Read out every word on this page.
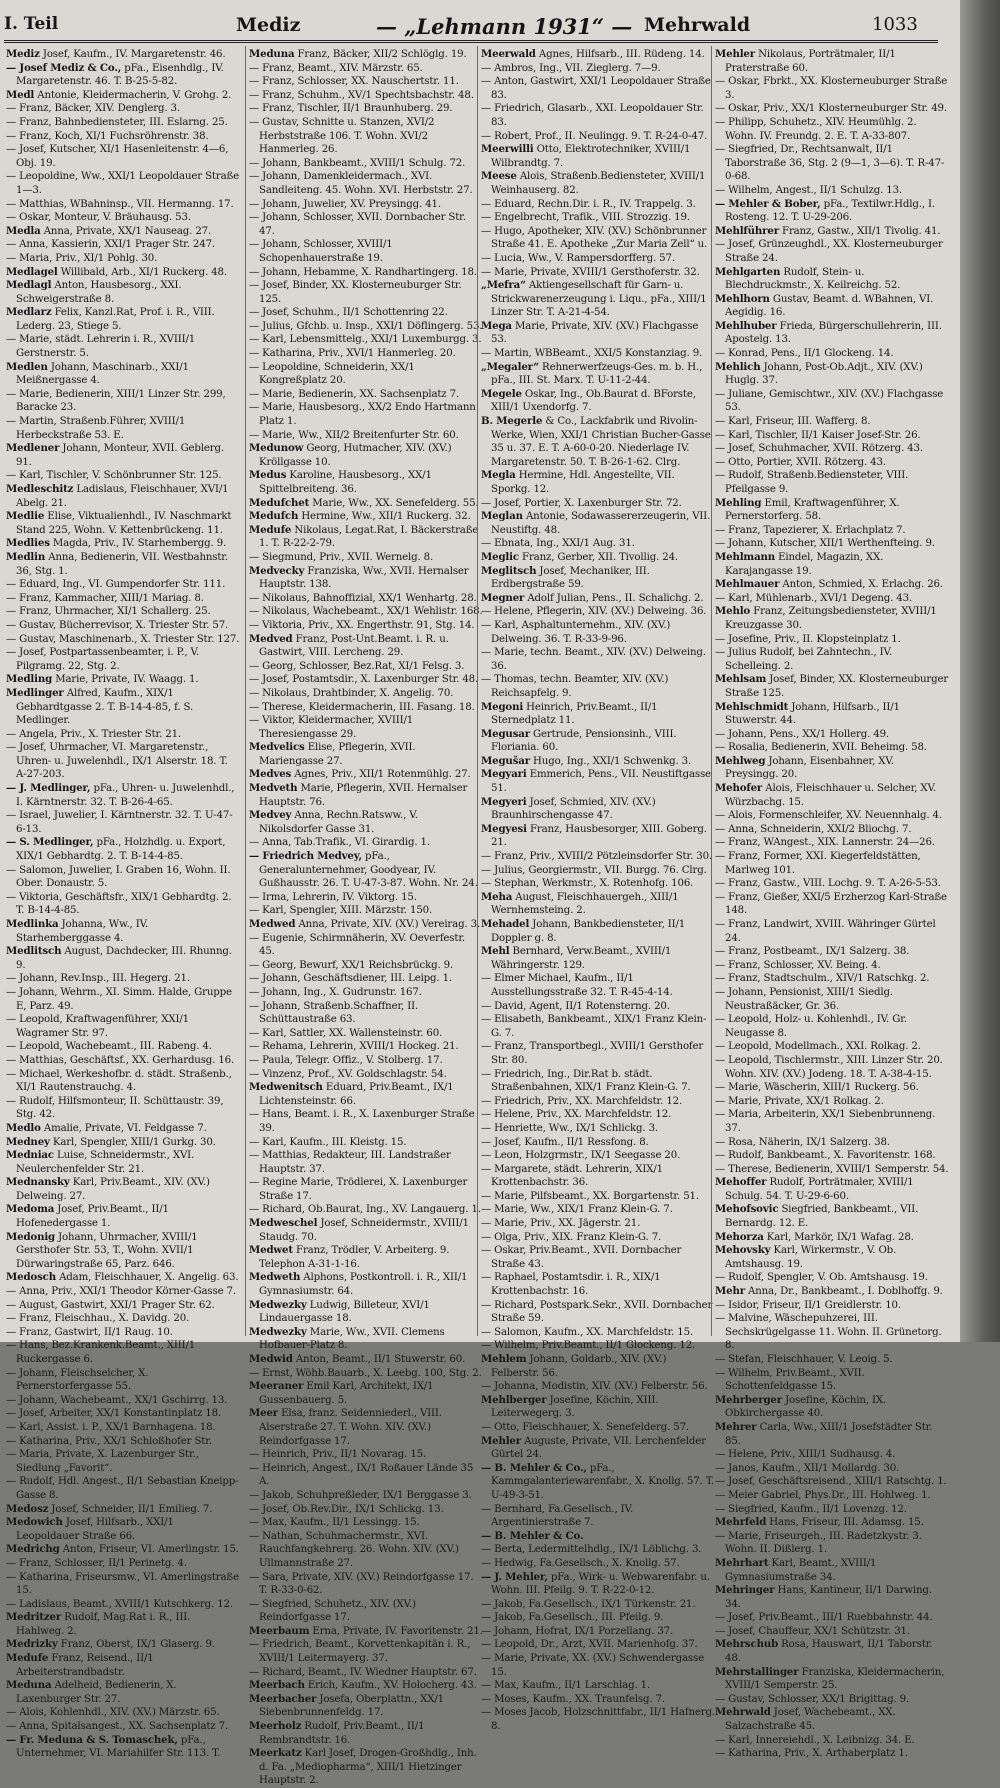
I. Teil	Mediz	— „Lehmann 1931“ — Mehrwald	1033

Mediz Josef, Kaufm., IV. Margaretenstr. 46.

— Josef Mediz & Co., pFa., Eisenhdlg., IV. Margaretenstr. 46. T. B-25-5-82.

Medl Antonie, Kleidermacherin, V. Grohg. 2.

— Franz, Bäcker, XIV. Denglerg. 3.

— Franz, Bahnbediensteter, III. Eslarng. 25.

— Franz, Koch, XI/1 Fuchsröhrenstr. 38.

— Josef, Kutscher, XI/1 Hasenleitenstr. 4—6, Obj. 19.

— Leopoldine, Ww., XXI/1 Leopoldauer Straße 1—3.

— Matthias, WBahninsp., VII. Hermanng. 17.

— Oskar, Monteur, V. Bräuhausg. 53.

Medla Anna, Private, XX/1 Nauseag. 27.

— Anna, Kassierin, XXI/1 Prager Str. 247.

— Maria, Priv., XI/1 Pohlg. 30.

Medlagel Willibald, Arb., XI/1 Ruckerg. 48.

Medlagl Anton, Hausbesorg., XXI. Schweigerstraße 8.

Medlarz Felix, Kanzl.Rat, Prof. i. R., VIII. Lederg. 23, Stiege 5.

— Marie, städt. Lehrerin i. R., XVIII/1 Gerstnerstr. 5.

Medlen Johann, Maschinarb., XXI/1 Meißnergasse 4.

— Marie, Bedienerin, XIII/1 Linzer Str. 299, Baracke 23.

— Martin, Straßenb.Führer, XVIII/1 Herbeckstraße 53. E.

Medlener Johann, Monteur, XVII. Geblerg. 91.

— Karl, Tischler, V. Schönbrunner Str. 125.

Medleschitz Ladislaus, Fleischhauer, XVI/1 Abelg. 21.

Medlie Elise, Viktualienhdl., IV. Naschmarkt Stand 225, Wohn. V. Kettenbrückeng. 11.

Medlies Magda, Priv., IV. Starhembergg. 9.

Medlin Anna, Bedienerin, VII. Westbahnstr. 36, Stg. 1.

— Eduard, Ing., VI. Gumpendorfer Str. 111.

— Franz, Kammacher, XIII/1 Mariag. 8.

— Franz, Uhrmacher, XI/1 Schallerg. 25.

— Gustav, Bücherrevisor, X. Triester Str. 57.

— Gustav, Maschinenarb., X. Triester Str. 127.

— Josef, Postpartassenbeamter, i. P., V. Pilgramg. 22, Stg. 2.

Medling Marie, Private, IV. Waagg. 1.

Medlinger Alfred, Kaufm., XIX/1 Gebhardtgasse 2. T. B-14-4-85, f. S. Medlinger.

— Angela, Priv., X. Triester Str. 21.

— Josef, Uhrmacher, VI. Margaretenstr., Uhren- u. Juwelenhdl., IX/1 Alserstr. 18. T. A-27-203.

— J. Medlinger, pFa., Uhren- u. Juwelenhdl., I. Kärntnerstr. 32. T. B-26-4-65.

— Israel, Juwelier, I. Kärntnerstr. 32. T. U-47-6-13.

— S. Medlinger, pFa., Holzhdlg. u. Export, XIX/1 Gebhardtg. 2. T. B-14-4-85.

— Salomon, Juwelier, I. Graben 16, Wohn. II. Ober. Donaustr. 5.

— Viktoria, Geschäftsfr., XIX/1 Gebhardtg. 2. T. B-14-4-85.

Medlinka Johanna, Ww., IV. Starhemberggasse 4.

Medlitsch August, Dachdecker, III. Rhunng. 9.

— Johann, Rev.Insp., III. Hegerg. 21.

— Johann, Wehrm., XI. Simm. Halde, Gruppe E, Parz. 49.

— Leopold, Kraftwagenführer, XXI/1 Wagramer Str. 97.

— Leopold, Wachebeamt., III. Rabeng. 4.

— Matthias, Geschäftsf., XX. Gerhardusg. 16.

— Michael, Werkeshofbr. d. städt. Straßenb., XI/1 Rautenstrauchg. 4.

— Rudolf, Hilfsmonteur, II. Schüttaustr. 39, Stg. 42.

Medlo Amalie, Private, VI. Feldgasse 7.

Medney Karl, Spengler, XIII/1 Gurkg. 30.

Medniac Luise, Schneidermstr., XVI. Neulerchenfelder Str. 21.

Mednansky Karl, Priv.Beamt., XIV. (XV.) Delweing. 27.

Medoma Josef, Priv.Beamt., II/1 Hofenedergasse 1.

Medonig Johann, Uhrmacher, XVIII/1 Gersthofer Str. 53, T., Wohn. XVII/1 Dürwaringstraße 65, Parz. 646.

Medosch Adam, Fleischhauer, X. Angelig. 63.

— Anna, Priv., XXI/1 Theodor Körner-Gasse 7.

— August, Gastwirt, XXI/1 Prager Str. 62.

— Franz, Fleischhau., X. Davidg. 20.

— Franz, Gastwirt, II/1 Raug. 10.

— Hans, Bez.Krankenk.Beamt., XIII/1 Ruckergasse 6.

— Johann, Fleischselcher, X. Pernerstorfergasse 55.

— Johann, Wachebeamt., XX/1 Gschirrg. 13.

— Josef, Arbeiter, XX/1 Konstantinplatz 18.

— Karl, Assist. i. P., XX/1 Barnhagena. 18.

— Katharina, Priv., XX/1 Schloßhofer Str.

— Maria, Private, X. Lazenburger Str., Siedlung „Favorit“.

— Rudolf, Hdl. Angest., II/1 Sebastian Kneipp-Gasse 8.

Medosz Josef, Schneider, II/1 Emilieg. 7.

Medowich Josef, Hilfsarb., XXI/1 Leopoldauer Straße 66.

Medrichg Anton, Friseur, VI. Amerlingstr. 15.

— Franz, Schlosser, II/1 Perinetg. 4.

— Katharina, Friseursmw., VI. Amerlingstraße 15.

— Ladislaus, Beamt., XVIII/1 Kutschkerg. 12.

Medritzer Rudolf, Mag.Rat i. R., III. Hahlweg. 2.

Medrizky Franz, Oberst, IX/1 Glaserg. 9.

Medufe Franz, Reisend., II/1 Arbeiterstrandbadstr.

Meduna Adelheid, Bedienerin, X. Laxenburger Str. 27.

— Alois, Kohlenhdl., XIV. (XV.) Märzstr. 65.

— Anna, Spitalsangest., XX. Sachsenplatz 7.

— Fr. Meduna & S. Tomaschek, pFa., Unternehmer, VI. Mariahilfer Str. 113. T.

Meduna Franz, Bäcker, XII/2 Schlöglg. 19.

— Franz, Beamt., XIV. Märzstr. 65.

— Franz, Schlosser, XX. Nauschertstr. 11.

— Franz, Schuhm., XV/1 Spechtsbachstr. 48.

— Franz, Tischler, II/1 Braunhuberg. 29.

— Gustav, Schnitte u. Stanzen, XVI/2 Herbststraße 106. T. Wohn. XVI/2 Hanmerleg. 26.

— Johann, Bankbeamt., XVIII/1 Schulg. 72.

— Johann, Damenkleidermach., XVI. Sandleiteng. 45. Wohn. XVI. Herbststr. 27.

— Johann, Juwelier, XV. Preysingg. 41.

— Johann, Schlosser, XVII. Dornbacher Str. 47.

— Johann, Schlosser, XVIII/1 Schopenhauerstraße 19.

— Johann, Hebamme, X. Randhartingerg. 18.

— Josef, Binder, XX. Klosterneuburger Str. 125.

— Josef, Schuhm., II/1 Schottenring 22.

— Julius, Gfchb. u. Insp., XXI/1 Döflingerg. 53.

— Karl, Lebensmittelg., XXI/1 Luxemburgg. 3.

— Katharina, Priv., XVI/1 Hanmerleg. 20.

— Leopoldine, Schneiderin, XX/1 Kongreßplatz 20.

— Marie, Bedienerin, XX. Sachsenplatz 7.

— Marie, Hausbesorg., XX/2 Endo Hartmann Platz 1.

— Marie, Ww., XII/2 Breitenfurter Str. 60.

Medunow Georg, Hutmacher, XIV. (XV.) Kröllgasse 10.

Medus Karoline, Hausbesorg., XX/1 Spittelbreiteng. 36.

Medufchet Marie, Ww., XX. Senefelderg. 55.

Medufch Hermine, Ww., XII/1 Ruckerg. 32.

Medufe Nikolaus, Legat.Rat, I. Bäckerstraße 1. T. R-22-2-79.

— Siegmund, Priv., XVII. Wernelg. 8.

Medvecky Franziska, Ww., XVII. Hernalser Hauptstr. 138.

— Nikolaus, Bahnoffizial, XX/1 Wenhartg. 28.

— Nikolaus, Wachebeamt., XX/1 Wehlistr. 168.

— Viktoria, Priv., XX. Engerthstr. 91, Stg. 14.

Medved Franz, Post-Unt.Beamt. i. R. u. Gastwirt, VIII. Lercheng. 29.

— Georg, Schlosser, Bez.Rat, XI/1 Felsg. 3.

— Josef, Postamtsdir., X. Laxenburger Str. 48.

— Nikolaus, Drahtbinder, X. Angelig. 70.

— Therese, Kleidermacherin, III. Fasang. 18.

— Viktor, Kleidermacher, XVIII/1 Theresiengasse 29.

Medvelics Elise, Pflegerin, XVII. Mariengasse 27.

Medves Agnes, Priv., XII/1 Rotenmühlg. 27.

Medveth Marie, Pflegerin, XVII. Hernalser Hauptstr. 76.

Medvey Anna, Rechn.Ratsww., V. Nikolsdorfer Gasse 31.

— Anna, Tab.Trafik., VI. Girardig. 1.

— Friedrich Medvey, pFa., Generalunternehmer, Goodyear, IV. Gußhausstr. 26. T. U-47-3-87. Wohn. Nr. 24.

— Irma, Lehrerin, IV. Viktorg. 15.

— Karl, Spengler, XIII. Märzstr. 150.

Medwed Anna, Private, XIV. (XV.) Vereirag. 3.

— Eugenie, Schirmnäherin, XV. Oeverfestr. 45.

— Georg, Bewurf, XX/1 Reichsbrückg. 9.

— Johann, Geschäftsdiener, III. Leipg. 1.

— Johann, Ing., X. Gudrunstr. 167.

— Johann, Straßenb.Schaffner, II. Schüttaustraße 63.

— Karl, Sattler, XX. Wallensteinstr. 60.

— Rehama, Lehrerin, XVIII/1 Hockeg. 21.

— Paula, Telegr. Offiz., V. Stolberg. 17.

— Vinzenz, Prof., XV. Goldschlagstr. 54.

Medwenitsch Eduard, Priv.Beamt., IX/1 Lichtensteinstr. 66.

— Hans, Beamt. i. R., X. Laxenburger Straße 39.

— Karl, Kaufm., III. Kleistg. 15.

— Matthias, Redakteur, III. Landstraßer Hauptstr. 37.

— Regine Marie, Trödlerei, X. Laxenburger Straße 17.

— Richard, Ob.Baurat, Ing., XV. Langauerg. 1.

Medweschel Josef, Schneidermstr., XVIII/1 Staudg. 70.

Medwet Franz, Trödler, V. Arbeiterg. 9. Telephon A-31-1-16.

Medweth Alphons, Postkontroll. i. R., XII/1 Gymnasiumstr. 64.

Medwezky Ludwig, Billeteur, XVI/1 Lindauergasse 18.

Medwezky Marie, Ww., XVII. Clemens Hofbauer-Platz 8.

Medwid Anton, Beamt., II/1 Stuwerstr. 60.

— Ernst, Wöhb.Bauarb., X. Leebg. 100, Stg. 2.

Meeraner Emil Karl, Architekt, IX/1 Gussenbauerg. 5.

Meer Elsa, franz. Seidenniederl., VIII. Alserstraße 27. T. Wohn. XIV. (XV.) Reindorfgasse 17.

— Heinrich, Priv., II/1 Novarag. 15.

— Heinrich, Angest., IX/1 Roßauer Lände 35 A.

— Jakob, Schuhpreßleder, IX/1 Berggasse 3.

— Josef, Ob.Rev.Dir., IX/1 Schlickg. 13.

— Max, Kaufm., II/1 Lessingg. 15.

— Nathan, Schuhmachermstr., XVI. Rauchfangkehrerg. 26. Wohn. XIV. (XV.) Ullmannstraße 27.

— Sara, Private, XIV. (XV.) Reindorfgasse 17. T. R-33-0-62.

— Siegfried, Schuhetz., XIV. (XV.) Reindorfgasse 17.

Meerbaum Erna, Private, IV. Favoritenstr. 21.

— Friedrich, Beamt., Korvettenkapitän i. R., XVIII/1 Leitermayerg. 37.

— Richard, Beamt., IV. Wiedner Hauptstr. 67.

Meerbach Erich, Kaufm., XV. Holocherg. 43.

Meerbacher Josefa, Oberplattn., XX/1 Siebenbrunnenfeldg. 17.

Meerholz Rudolf, Priv.Beamt., II/1 Rembrandtstr. 16.

Meerkatz Karl Josef, Drogen-Großhdlg., Inh. d. Fa. „Mediopharma“, XIII/1 Hietzinger Hauptstr. 2.

Meerwald Agnes, Hilfsarb., III. Rüdeng. 14.

— Ambros, Ing., VII. Zieglerg. 7—9.

— Anton, Gastwirt, XXI/1 Leopoldauer Straße 83.

— Friedrich, Glasarb., XXI. Leopoldauer Str. 83.

— Robert, Prof., II. Neulingg. 9. T. R-24-0-47.

Meerwilli Otto, Elektrotechniker, XVIII/1 Wilbrandtg. 7.

Meese Alois, Straßenb.Bediensteter, XVIII/1 Weinhauserg. 82.

— Eduard, Rechn.Dir. i. R., IV. Trappelg. 3.

— Engelbrecht, Trafik., VIII. Strozzig. 19.

— Hugo, Apotheker, XIV. (XV.) Schönbrunner Straße 41. E. Apotheke „Zur Maria Zell“ u.

— Lucia, Ww., V. Rampersdorfferg. 57.

— Marie, Private, XVIII/1 Gersthoferstr. 32.

„Mefra“ Aktiengesellschaft für Garn- u. Strickwarenerzeugung i. Liqu., pFa., XIII/1 Linzer Str. T. A-21-4-54.

Mega Marie, Private, XIV. (XV.) Flachgasse 53.

— Martin, WBBeamt., XXI/5 Konstanziag. 9.

„Megaler“ Rehnerwerfzeugs-Ges. m. b. H., pFa., III. St. Marx. T. U-11-2-44.

Megele Oskar, Ing., Ob.Baurat d. BForste, XIII/1 Uxendorfg. 7.

B. Megerle & Co., Lackfabrik und Rivolin-Werke, Wien, XXI/1 Christian Bucher-Gasse 35 u. 37. E. T. A-60-0-20. Niederlage IV. Margaretenstr. 50. T. B-26-1-62. Clrg.

Megla Hermine, Hdl. Angestellte, VII. Sporkg. 12.

— Josef, Portier, X. Laxenburger Str. 72.

Meglan Antonie, Sodawassererzeugerin, VII. Neustiftg. 48.

— Ebnata, Ing., XXI/1 Aug. 31.

Meglic Franz, Gerber, XII. Tivollig. 24.

Meglitsch Josef, Mechaniker, III. Erdbergstraße 59.

Megner Adolf Julian, Pens., II. Schalichg. 2.

— Helene, Pflegerin, XIV. (XV.) Delweing. 36.

— Karl, Asphaltunternehm., XIV. (XV.) Delweing. 36. T. R-33-9-96.

— Marie, techn. Beamt., XIV. (XV.) Delweing. 36.

— Thomas, techn. Beamter, XIV. (XV.) Reichsapfelg. 9.

Megoni Heinrich, Priv.Beamt., II/1 Sternedplatz 11.

Megusar Gertrude, Pensionsinh., VIII. Floriania. 60.

Megušar Hugo, Ing., XXI/1 Schwenkg. 3.

Megyari Emmerich, Pens., VII. Neustiftgasse 51.

Megyeri Josef, Schmied, XIV. (XV.) Braunhirschengasse 47.

Megyesi Franz, Hausbesorger, XIII. Goberg. 21.

— Franz, Priv., XVIII/2 Pötzleinsdorfer Str. 30.

— Julius, Georgiermstr., VII. Burgg. 76. Clrg.

— Stephan, Werkmstr., X. Rotenhofg. 106.

Meha August, Fleischhauergeh., XIII/1 Wernhemsteing. 2.

Mehadel Johann, Bankbediensteter, II/1 Doppler g. 8.

Mehl Bernhard, Verw.Beamt., XVIII/1 Währingerstr. 129.

— Elmer Michael, Kaufm., II/1 Ausstellungsstraße 32. T. R-45-4-14.

— David, Agent, II/1 Rotensterng. 20.

— Elisabeth, Bankbeamt., XIX/1 Franz Klein-G. 7.

— Franz, Transportbegl., XVIII/1 Gersthofer Str. 80.

— Friedrich, Ing., Dir.Rat b. städt. Straßenbahnen, XIX/1 Franz Klein-G. 7.

— Friedrich, Priv., XX. Marchfeldstr. 12.

— Helene, Priv., XX. Marchfeldstr. 12.

— Henriette, Ww., IX/1 Schlickg. 3.

— Josef, Kaufm., II/1 Ressfong. 8.

— Leon, Holzgrmstr., IX/1 Seegasse 20.

— Margarete, städt. Lehrerin, XIX/1 Krottenbachstr. 36.

— Marie, Pilfsbeamt., XX. Borgartenstr. 51.

— Marie, Ww., XIX/1 Franz Klein-G. 7.

— Marie, Priv., XX. Jägerstr. 21.

— Olga, Priv., XIX. Franz Klein-G. 7.

— Oskar, Priv.Beamt., XVII. Dornbacher Straße 43.

— Raphael, Postamtsdir. i. R., XIX/1 Krottenbachstr. 16.

— Richard, Postspark.Sekr., XVII. Dornbacher Straße 59.

— Salomon, Kaufm., XX. Marchfeldstr. 15.

— Wilhelm, Priv.Beamt., II/1 Glockeng. 12.

Mehlem Johann, Goldarb., XIV. (XV.) Felberstr. 56.

— Johanna, Modistin, XIV. (XV.) Felberstr. 56.

Mehlberger Josefine, Köchin, XIII. Leiterwegerg. 3.

— Otto, Fleischhauer, X. Senefelderg. 57.

Mehler Auguste, Private, VII. Lerchenfelder Gürtel 24.

— B. Mehler & Co., pFa., Kammgalanteriewarenfabr., X. Knollg. 57. T. U-49-3-51.

— Bernhard, Fa.Gesellsch., IV. Argentinierstraße 7.

— B. Mehler & Co.

— Berta, Ledermittelhdlg., IX/1 Löblichg. 3.

— Hedwig, Fa.Gesellsch., X. Knollg. 57.

— J. Mehler, pFa., Wirk- u. Webwarenfabr. u. Wohn. III. Pfeilg. 9. T. R-22-0-12.

— Jakob, Fa.Gesellsch., IX/1 Türkenstr. 21.

— Jakob, Fa.Gesellsch., III. Pfeilg. 9.

— Johann, Hofrat, IX/1 Porzellang. 37.

— Leopold, Dr., Arzt, XVII. Marienhofg. 37.

— Marie, Private, XX. (XV.) Schwendergasse 15.

— Max, Kaufm., II/1 Larschlag. 1.

— Moses, Kaufm., XX. Traunfelsg. 7.

— Moses Jacob, Holzschnittfabr., II/1 Hafnerg. 8.

Mehler Nikolaus, Porträtmaler, II/1 Praterstraße 60.

— Oskar, Fbrkt., XX. Klosterneuburger Straße 3.

— Oskar, Priv., XX/1 Klosterneuburger Str. 49.

— Philipp, Schuhetz., XIV. Heumühlg. 2. Wohn. IV. Freundg. 2. E. T. A-33-807.

— Siegfried, Dr., Rechtsanwalt, II/1 Taborstraße 36, Stg. 2 (9—1, 3—6). T. R-47-0-68.

— Wilhelm, Angest., II/1 Schulzg. 13.

— Mehler & Bober, pFa., Textilwr.Hdlg., I. Rosteng. 12. T. U-29-206.

Mehlführer Franz, Gastw., XII/1 Tivolig. 41.

— Josef, Grünzeughdl., XX. Klosterneuburger Straße 24.

Mehlgarten Rudolf, Stein- u. Blechdruckmstr., X. Keilreichg. 52.

Mehlhorn Gustav, Beamt. d. WBahnen, VI. Aegidig. 16.

Mehlhuber Frieda, Bürgerschullehrerin, III. Apostelg. 13.

— Konrad, Pens., II/1 Glockeng. 14.

Mehlich Johann, Post-Ob.Adjt., XIV. (XV.) Huglg. 37.

— Juliane, Gemischtwr., XIV. (XV.) Flachgasse 53.

— Karl, Friseur, III. Wafferg. 8.

— Karl, Tischler, II/1 Kaiser Josef-Str. 26.

— Josef, Schuhmacher, XVII. Rötzerg. 43.

— Otto, Portier, XVII. Rötzerg. 43.

— Rudolf, Straßenb.Bediensteter, VIII. Pfeilgasse 9.

Mehling Emil, Kraftwagenführer, X. Pernerstorferg. 58.

— Franz, Tapezierer, X. Erlachplatz 7.

— Johann, Kutscher, XII/1 Werthenfteing. 9.

Mehlmann Eindel, Magazin, XX. Karajangasse 19.

Mehlmauer Anton, Schmied, X. Erlachg. 26.

— Karl, Mühlenarb., XVI/1 Degeng. 43.

Mehlo Franz, Zeitungsbediensteter, XVIII/1 Kreuzgasse 30.

— Josefine, Priv., II. Klopsteinplatz 1.

— Julius Rudolf, bei Zahntechn., IV. Schelleing. 2.

Mehlsam Josef, Binder, XX. Klosterneuburger Straße 125.

Mehlschmidt Johann, Hilfsarb., II/1 Stuwerstr. 44.

— Johann, Pens., XX/1 Hollerg. 49.

— Rosalia, Bedienerin, XVII. Beheimg. 58.

Mehlweg Johann, Eisenbahner, XV. Preysingg. 20.

Mehofer Alois, Fleischhauer u. Selcher, XV. Würzbachg. 15.

— Alois, Formenschleifer, XV. Neuennhalg. 4.

— Anna, Schneiderin, XXI/2 Bliochg. 7.

— Franz, WAngest., XIX. Lannerstr. 24—26.

— Franz, Former, XXI. Kiegerfeldstätten, Marlweg 101.

— Franz, Gastw., VIII. Lochg. 9. T. A-26-5-53.

— Franz, Gießer, XXI/5 Erzherzog Karl-Straße 148.

— Franz, Landwirt, XVIII. Währinger Gürtel 24.

— Franz, Postbeamt., IX/1 Salzerg. 38.

— Franz, Schlosser, XV. Being. 4.

— Franz, Stadtschulm., XIV/1 Ratschkg. 2.

— Johann, Pensionist, XIII/1 Siedlg. Neustraßäcker, Gr. 36.

— Leopold, Holz- u. Kohlenhdl., IV. Gr. Neugasse 8.

— Leopold, Modellmach., XXI. Rolkag. 2.

— Leopold, Tischlermstr., XIII. Linzer Str. 20. Wohn. XIV. (XV.) Jodeng. 18. T. A-38-4-15.

— Marie, Wäscherin, XIII/1 Ruckerg. 56.

— Marie, Private, XX/1 Rolkag. 2.

— Maria, Arbeiterin, XX/1 Siebenbrunneng. 37.

— Rosa, Näherin, IX/1 Salzerg. 38.

— Rudolf, Bankbeamt., X. Favoritenstr. 168.

— Therese, Bedienerin, XVIII/1 Semperstr. 54.

Mehoffer Rudolf, Porträtmaler, XVIII/1 Schulg. 54. T. U-29-6-60.

Mehofsovic Siegfried, Bankbeamt., VII. Bernardg. 12. E.

Mehorza Karl, Markör, IX/1 Wafag. 28.

Mehovsky Karl, Wirkermstr., V. Ob. Amtshausg. 19.

— Rudolf, Spengler, V. Ob. Amtshausg. 19.

Mehr Anna, Dr., Bankbeamt., I. Doblhoffg. 9.

— Isidor, Friseur, II/1 Greidlerstr. 10.

— Malvine, Wäschepuhzerei, III. Sechskrügelgasse 11. Wohn. II. Grünetorg. 8.

— Stefan, Fleischhauer, V. Leoig. 5.

— Wilhelm, Priv.Beamt., XVII. Schottenfeldgasse 15.

Mehrberger Josefine, Köchin, IX. Obkirchergasse 40.

Mehrer Carla, Ww., XIII/1 Josefstädter Str. 85.

— Helene, Priv., XIII/1 Sudhausg. 4.

— Janos, Kaufm., XII/1 Mollardg. 30.

— Josef, Geschäftsreisend., XIII/1 Ratschtg. 1.

— Meier Gabriel, Phys.Dr., III. Hohlweg. 1.

— Siegfried, Kaufm., II/1 Lovenzg. 12.

Mehrfeld Hans, Friseur, III. Adamsg. 15.

— Marie, Friseurgeh., III. Radetzkystr. 3. Wohn. II. Dißlerg. 1.

Mehrhart Karl, Beamt., XVIII/1 Gymnasiumstraße 34.

Mehringer Hans, Kantineur, II/1 Darwing. 34.

— Josef, Priv.Beamt., III/1 Ruebbahnstr. 44.

— Josef, Chauffeur, XX/1 Schützstr. 31.

Mehrschub Rosa, Hauswart, II/1 Taborstr. 48.

Mehrstallinger Franziska, Kleidermacherin, XVIII/1 Semperstr. 25.

— Gustav, Schlosser, XX/1 Brigittag. 9.

Mehrwald Josef, Wachebeamt., XX. Salzachstraße 45.

— Karl, Innereiehdl., X. Leibnizg. 34. E.

— Katharina, Priv., X. Arthaberplatz 1.
